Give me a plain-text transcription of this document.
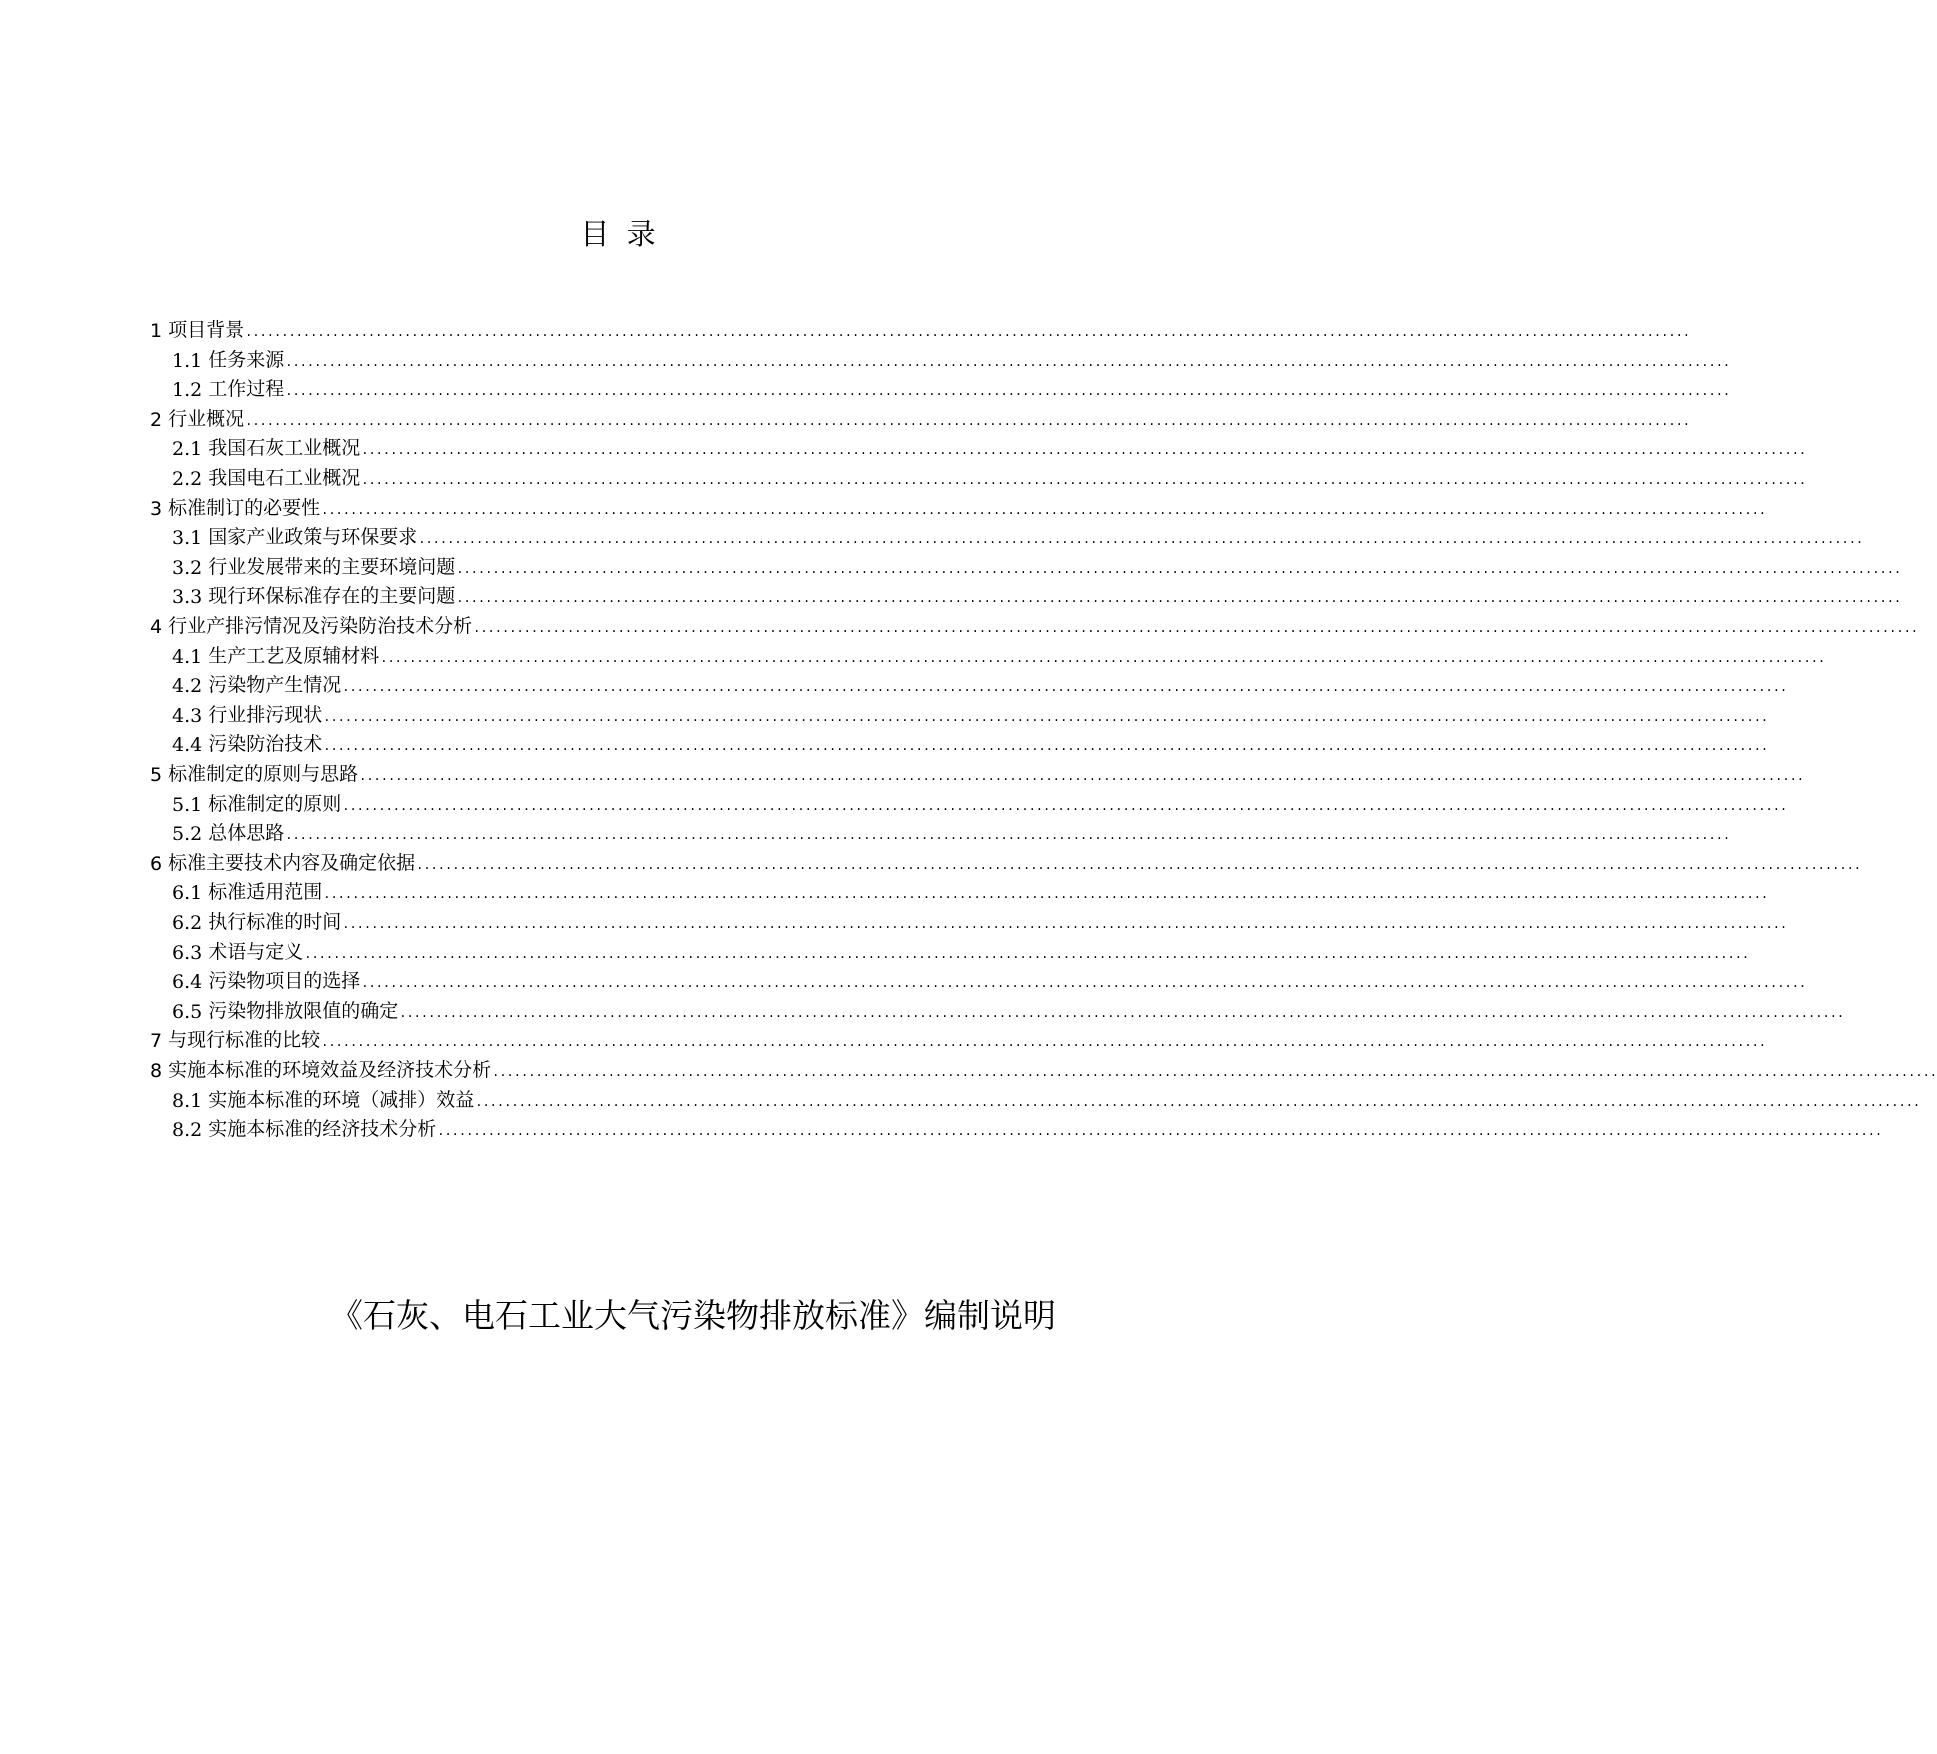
目 录
1 项目背景 ........................................................................................................................................................................................................
1.1 任务来源 ........................................................................................................................................................................................................
1.2 工作过程 ........................................................................................................................................................................................................
2 行业概况 ........................................................................................................................................................................................................
2.1 我国石灰工业概况 ........................................................................................................................................................................................................
2.2 我国电石工业概况 ........................................................................................................................................................................................................
3 标准制订的必要性 ........................................................................................................................................................................................................
3.1 国家产业政策与环保要求 ........................................................................................................................................................................................................
3.2 行业发展带来的主要环境问题 ........................................................................................................................................................................................................
3.3 现行环保标准存在的主要问题 ........................................................................................................................................................................................................
4 行业产排污情况及污染防治技术分析 ........................................................................................................................................................................................................
4.1 生产工艺及原辅材料 ........................................................................................................................................................................................................
4.2 污染物产生情况 ........................................................................................................................................................................................................
4.3 行业排污现状 ........................................................................................................................................................................................................
4.4 污染防治技术 ........................................................................................................................................................................................................
5 标准制定的原则与思路 ........................................................................................................................................................................................................
5.1 标准制定的原则 ........................................................................................................................................................................................................
5.2 总体思路 ........................................................................................................................................................................................................
6 标准主要技术内容及确定依据 ........................................................................................................................................................................................................
6.1 标准适用范围 ........................................................................................................................................................................................................
6.2 执行标准的时间 ........................................................................................................................................................................................................
6.3 术语与定义 ........................................................................................................................................................................................................
6.4 污染物项目的选择 ........................................................................................................................................................................................................
6.5 污染物排放限值的确定 ........................................................................................................................................................................................................
7 与现行标准的比较 ........................................................................................................................................................................................................
8 实施本标准的环境效益及经济技术分析 ........................................................................................................................................................................................................
8.1 实施本标准的环境（减排）效益 ........................................................................................................................................................................................................
8.2 实施本标准的经济技术分析 ........................................................................................................................................................................................................
《石灰、电石工业大气污染物排放标准》编制说明
